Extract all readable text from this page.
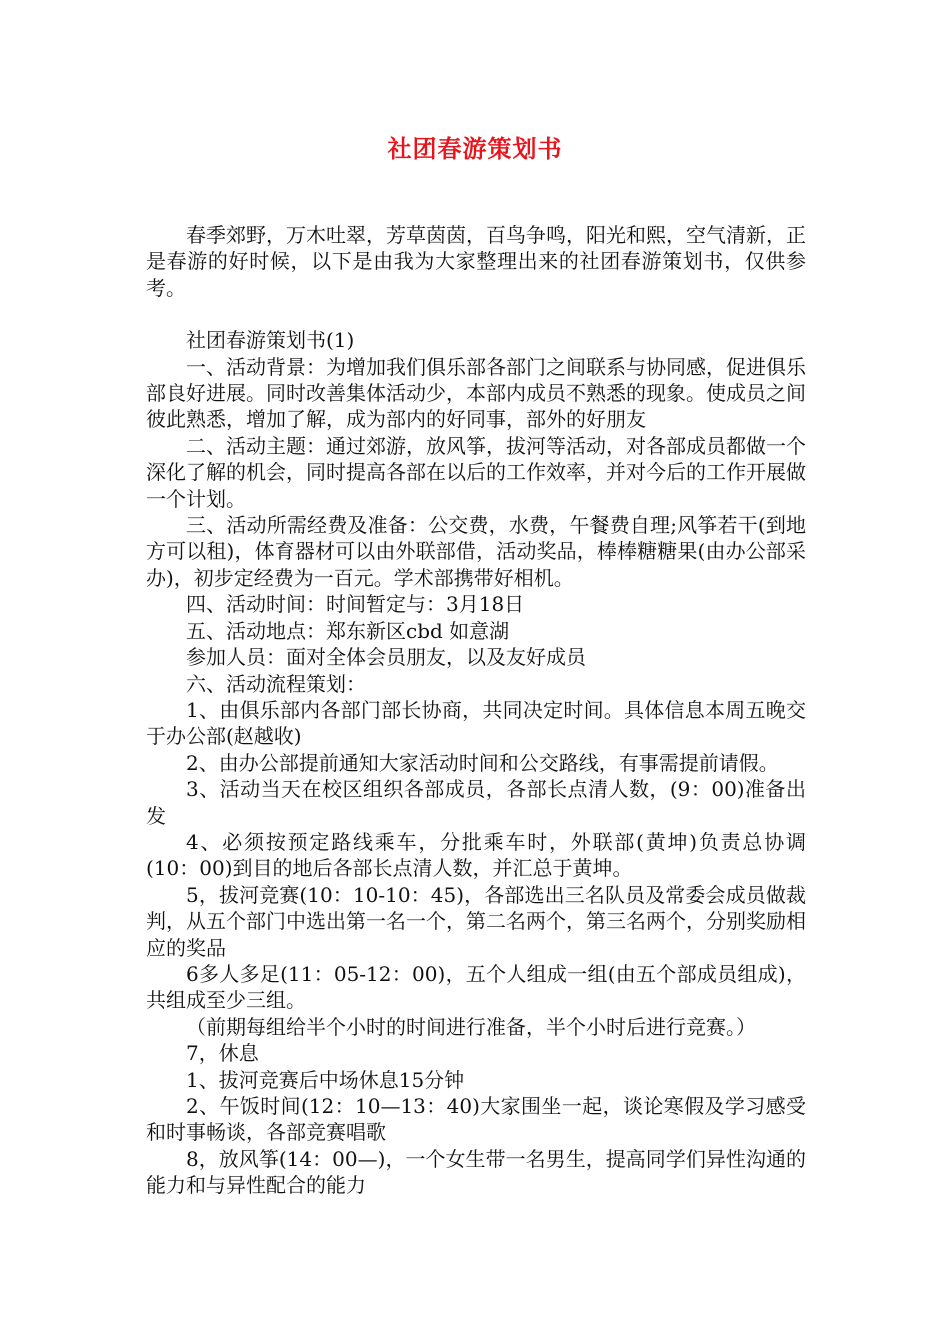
社团春游策划书

春季郊野，万木吐翠，芳草茵茵，百鸟争鸣，阳光和熙，空气清新，正是春游的好时候，以下是由我为大家整理出来的社团春游策划书，仅供参考。

社团春游策划书(1)

一、活动背景：为增加我们俱乐部各部门之间联系与协同感，促进俱乐部良好进展。同时改善集体活动少，本部内成员不熟悉的现象。使成员之间彼此熟悉，增加了解，成为部内的好同事，部外的好朋友

二、活动主题：通过郊游，放风筝，拔河等活动，对各部成员都做一个深化了解的机会，同时提高各部在以后的工作效率，并对今后的工作开展做一个计划。

三、活动所需经费及准备：公交费，水费，午餐费自理;风筝若干(到地方可以租)，体育器材可以由外联部借，活动奖品，棒棒糖糖果(由办公部采办)，初步定经费为一百元。学术部携带好相机。

四、活动时间：时间暂定与：3月18日

五、活动地点：郑东新区cbd 如意湖

参加人员：面对全体会员朋友，以及友好成员

六、活动流程策划：

1、由俱乐部内各部门部长协商，共同决定时间。具体信息本周五晚交于办公部(赵越收)

2、由办公部提前通知大家活动时间和公交路线，有事需提前请假。

3、活动当天在校区组织各部成员，各部长点清人数，(9：00)准备出发

4、必须按预定路线乘车，分批乘车时，外联部(黄坤)负责总协调 (10：00)到目的地后各部长点清人数，并汇总于黄坤。

5，拔河竞赛(10：10-10：45)，各部选出三名队员及常委会成员做裁判，从五个部门中选出第一名一个，第二名两个，第三名两个，分别奖励相应的奖品

6多人多足(11：05-12：00)，五个人组成一组(由五个部成员组成)，共组成至少三组。

（前期每组给半个小时的时间进行准备，半个小时后进行竞赛。）

7，休息

1、拔河竞赛后中场休息15分钟

2、午饭时间(12：10—13：40)大家围坐一起，谈论寒假及学习感受和时事畅谈，各部竞赛唱歌

8，放风筝(14：00—)，一个女生带一名男生，提高同学们异性沟通的能力和与异性配合的能力
